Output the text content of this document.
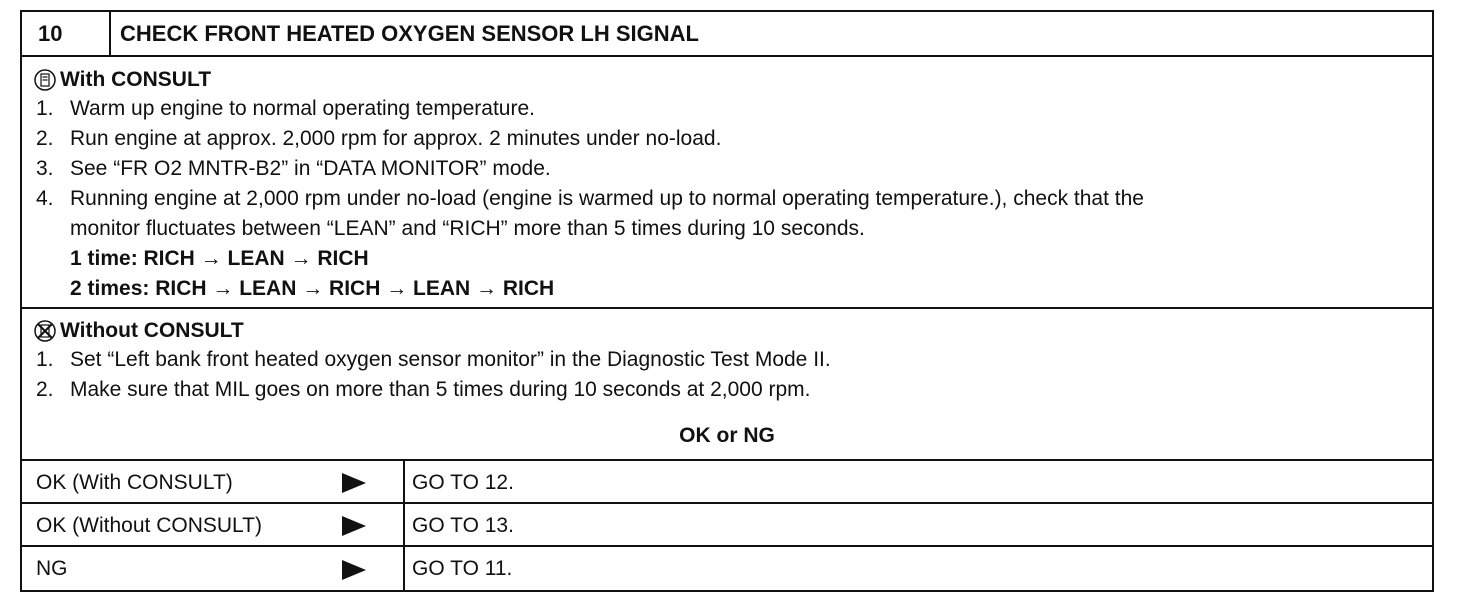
10	CHECK FRONT HEATED OXYGEN SENSOR LH SIGNAL
With CONSULT
1. Warm up engine to normal operating temperature.
2. Run engine at approx. 2,000 rpm for approx. 2 minutes under no-load.
3. See “FR O2 MNTR-B2” in “DATA MONITOR” mode.
4. Running engine at 2,000 rpm under no-load (engine is warmed up to normal operating temperature.), check that the
monitor fluctuates between “LEAN” and “RICH” more than 5 times during 10 seconds.
1 time: RICH → LEAN → RICH
2 times: RICH → LEAN → RICH → LEAN → RICH
Without CONSULT
1. Set “Left bank front heated oxygen sensor monitor” in the Diagnostic Test Mode II.
2. Make sure that MIL goes on more than 5 times during 10 seconds at 2,000 rpm.
OK or NG
OK (With CONSULT)	GO TO 12.
OK (Without CONSULT)	GO TO 13.
NG	GO TO 11.
